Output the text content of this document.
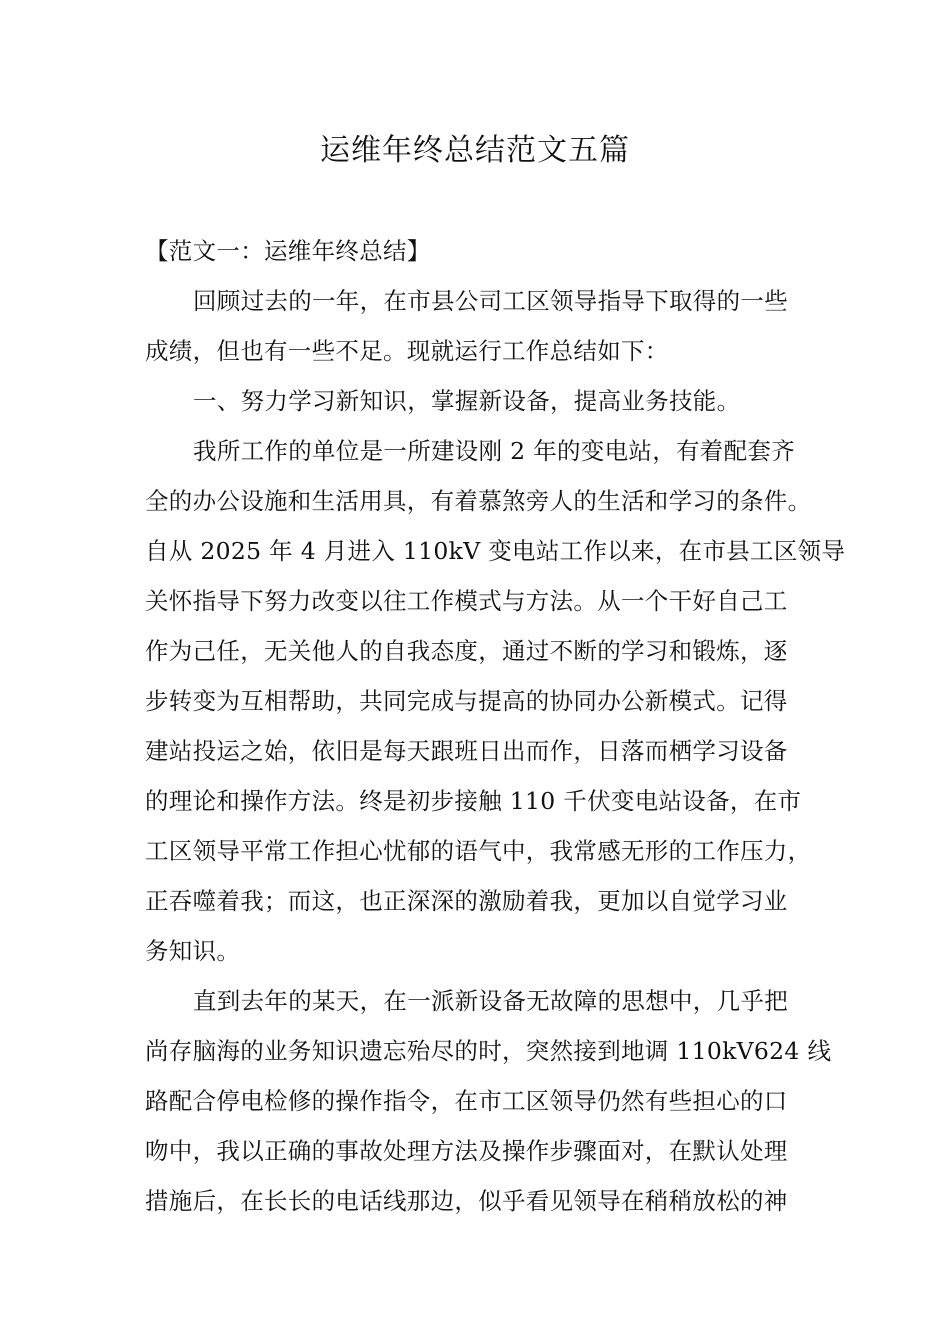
运维年终总结范文五篇
【范文一：运维年终总结】
回顾过去的一年，在市县公司工区领导指导下取得的一些
成绩，但也有一些不足。现就运行工作总结如下：
一、努力学习新知识，掌握新设备，提高业务技能。
我所工作的单位是一所建设刚 2 年的变电站，有着配套齐
全的办公设施和生活用具，有着慕煞旁人的生活和学习的条件。
自从 2025 年 4 月进入 110kV 变电站工作以来，在市县工区领导
关怀指导下努力改变以往工作模式与方法。从一个干好自己工
作为己任，无关他人的自我态度，通过不断的学习和锻炼，逐
步转变为互相帮助，共同完成与提高的协同办公新模式。记得
建站投运之始，依旧是每天跟班日出而作，日落而栖学习设备
的理论和操作方法。终是初步接触 110 千伏变电站设备，在市
工区领导平常工作担心忧郁的语气中，我常感无形的工作压力，
正吞噬着我；而这，也正深深的激励着我，更加以自觉学习业
务知识。
直到去年的某天，在一派新设备无故障的思想中，几乎把
尚存脑海的业务知识遗忘殆尽的时，突然接到地调 110kV624 线
路配合停电检修的操作指令，在市工区领导仍然有些担心的口
吻中，我以正确的事故处理方法及操作步骤面对，在默认处理
措施后，在长长的电话线那边，似乎看见领导在稍稍放松的神
